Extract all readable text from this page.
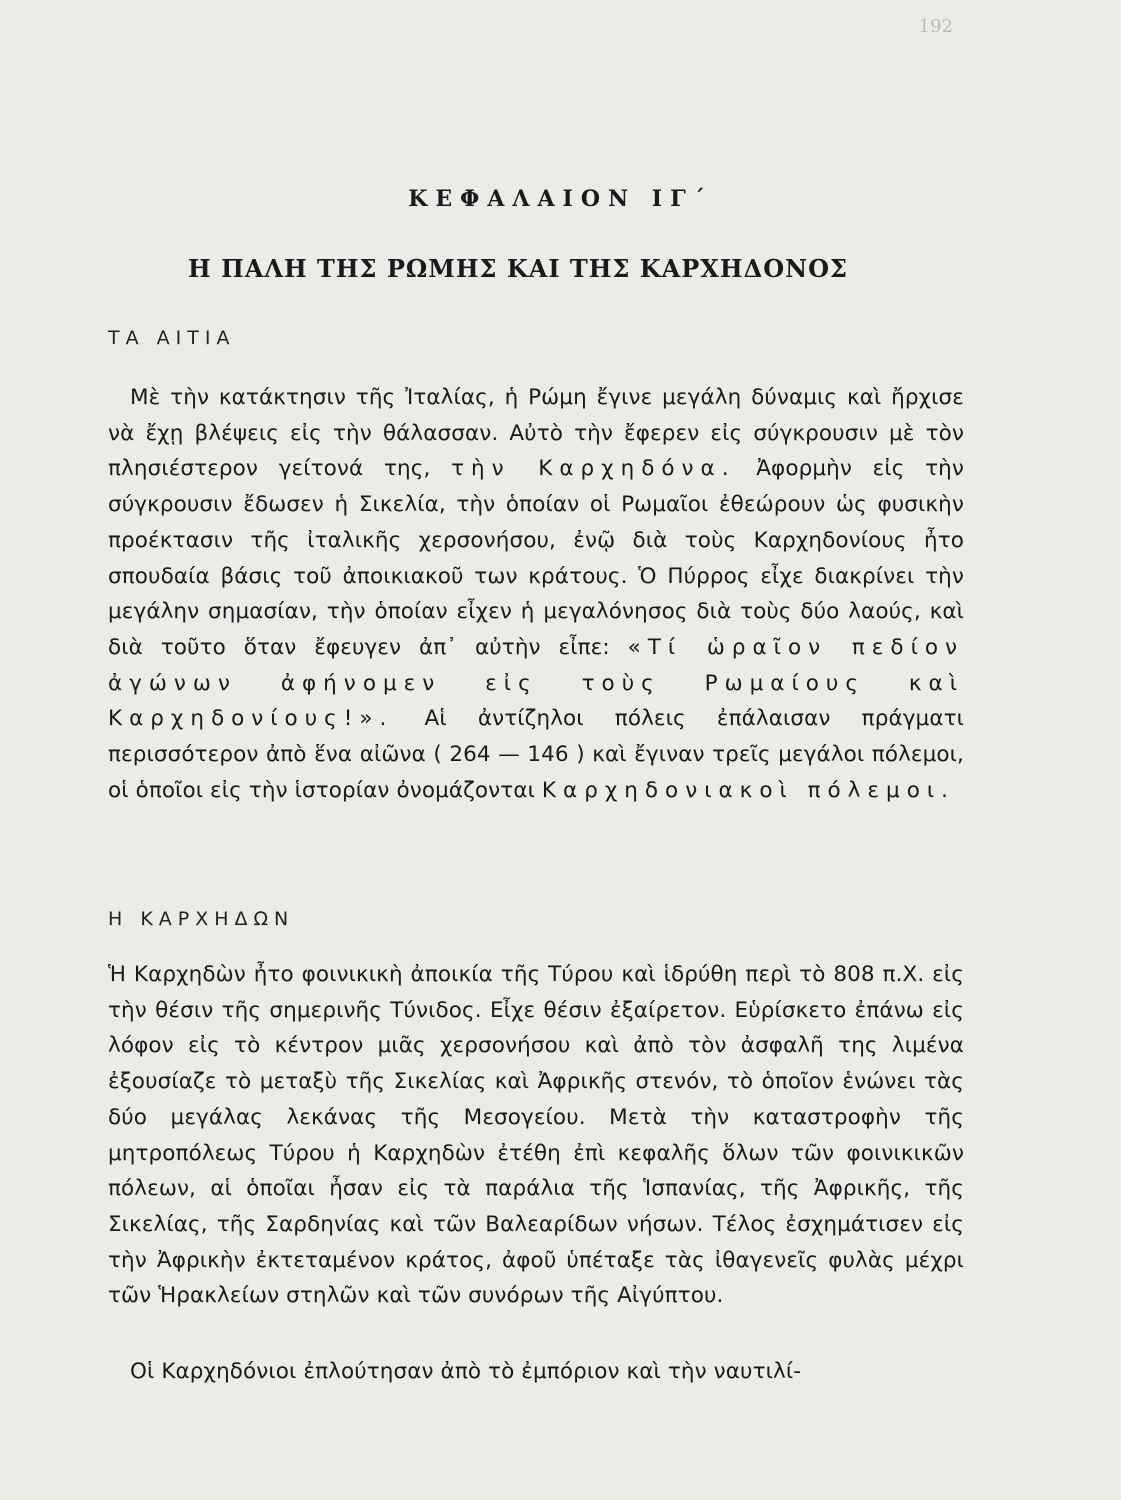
192
ΚΕΦΑΛΑΙΟΝ ΙΓ΄
Η ΠΑΛΗ ΤΗΣ ΡΩΜΗΣ ΚΑΙ ΤΗΣ ΚΑΡΧΗΔΟΝΟΣ
ΤΑ ΑΙΤΙΑ

Μὲ τὴν κατάκτησιν τῆς Ἰταλίας, ἡ Ρώμη ἔγινε μεγάλη δύναμις καὶ ἤρχισε νὰ ἔχῃ βλέψεις εἰς τὴν θάλασσαν. Αὐτὸ τὴν ἔφερεν εἰς σύγκρουσιν μὲ τὸν πλησιέστερον γείτονά της, τὴν Καρχηδόνα. Ἀφορμὴν εἰς τὴν σύγκρουσιν ἔδωσεν ἡ Σικελία, τὴν ὁποίαν οἱ Ρωμαῖοι ἐθεώρουν ὡς φυσικὴν προέκτασιν τῆς ἰταλικῆς χερσονήσου, ἐνῷ διὰ τοὺς Καρχηδονίους ἦτο σπουδαία βάσις τοῦ ἀποικιακοῦ των κράτους. Ὁ Πύρρος εἶχε διακρίνει τὴν μεγάλην σημασίαν, τὴν ὁποίαν εἶχεν ἡ μεγαλόνησος διὰ τοὺς δύο λαούς, καὶ διὰ τοῦτο ὅταν ἔφευγεν ἀπ᾽ αὐτὴν εἶπε: «Τί ὡραῖον πεδίον ἀγώνων ἀφήνομεν εἰς τοὺς Ρωμαίους καὶ Καρχηδονίους!». Αἱ ἀντίζηλοι πόλεις ἐπάλαισαν πράγματι περισσότερον ἀπὸ ἕνα αἰῶνα ( 264 — 146 ) καὶ ἔγιναν τρεῖς μεγάλοι πόλεμοι, οἱ ὁποῖοι εἰς τὴν ἱστορίαν ὀνομάζονται Καρχηδονιακοὶ πόλεμοι.

Η ΚΑΡΧΗΔΩΝ

Ἡ Καρχηδὼν ἦτο φοινικικὴ ἀποικία τῆς Τύρου καὶ ἱδρύθη περὶ τὸ 808 π.Χ. εἰς τὴν θέσιν τῆς σημερινῆς Τύνιδος. Εἶχε θέσιν ἐξαίρετον. Εὑρίσκετο ἐπάνω εἰς λόφον εἰς τὸ κέντρον μιᾶς χερσονήσου καὶ ἀπὸ τὸν ἀσφαλῆ της λιμένα ἐξουσίαζε τὸ μεταξὺ τῆς Σικελίας καὶ Ἀφρικῆς στενόν, τὸ ὁποῖον ἑνώνει τὰς δύο μεγάλας λεκάνας τῆς Μεσογείου. Μετὰ τὴν καταστροφὴν τῆς μητροπόλεως Τύρου ἡ Καρχηδὼν ἐτέθη ἐπὶ κεφαλῆς ὅλων τῶν φοινικικῶν πόλεων, αἱ ὁποῖαι ἦσαν εἰς τὰ παράλια τῆς Ἱσπανίας, τῆς Ἀφρικῆς, τῆς Σικελίας, τῆς Σαρδηνίας καὶ τῶν Βαλεαρίδων νήσων. Τέλος ἐσχημάτισεν εἰς τὴν Ἀφρικὴν ἐκτεταμένον κράτος, ἀφοῦ ὑπέταξε τὰς ἰθαγενεῖς φυλὰς μέχρι τῶν Ἡρακλείων στηλῶν καὶ τῶν συνόρων τῆς Αἰγύπτου.

Οἱ Καρχηδόνιοι ἐπλούτησαν ἀπὸ τὸ ἐμπόριον καὶ τὴν ναυτιλί-
